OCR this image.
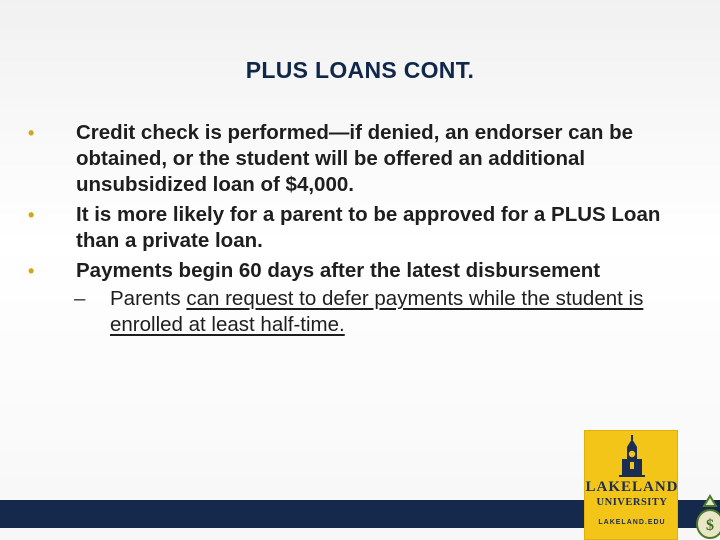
PLUS LOANS CONT.
•	Credit check is performed—if denied, an endorser can be obtained, or the student will be offered an additional unsubsidized loan of $4,000.
•	It is more likely for a parent to be approved for a PLUS Loan than a private loan.
•	Payments begin 60 days after the latest disbursement
– Parents can request to defer payments while the student is enrolled at least half-time.
LAKELAND
UNIVERSITY
LAKELAND.EDU	$
